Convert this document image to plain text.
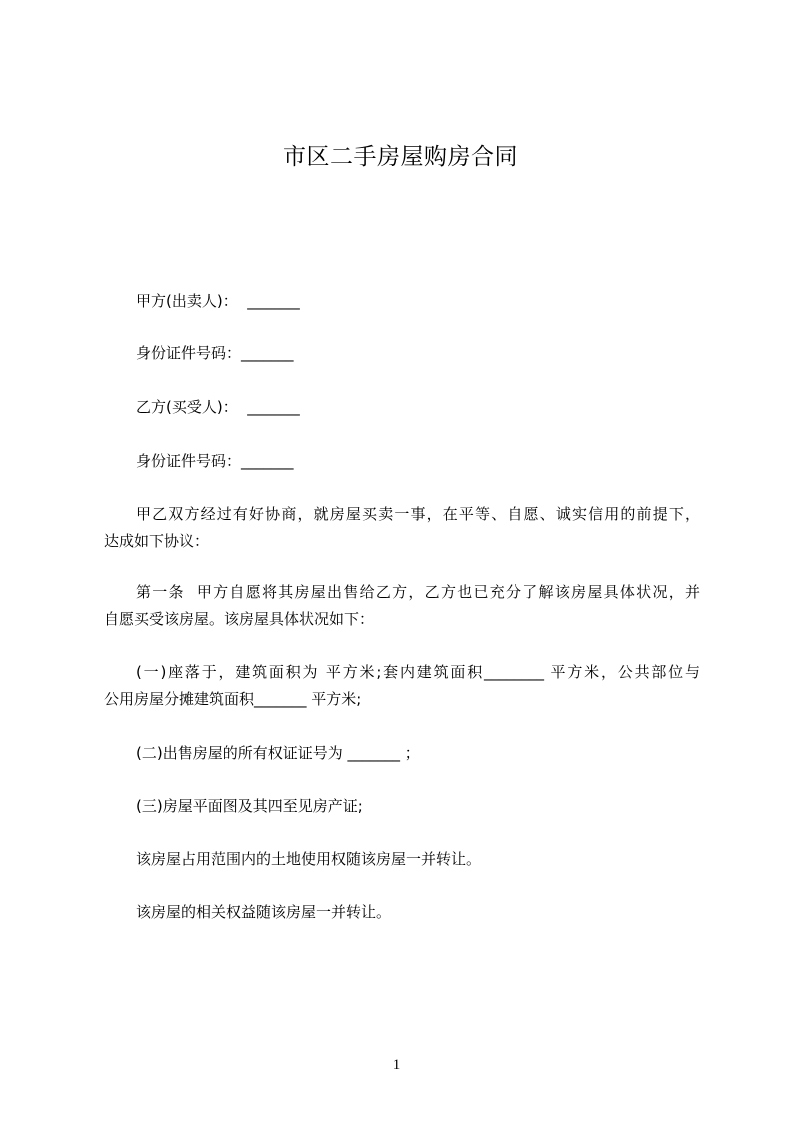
市区二手房屋购房合同
甲方(出卖人)：  _______
身份证件号码：_______
乙方(买受人)：  _______
身份证件号码：_______
甲乙双方经过有好协商，就房屋买卖一事，在平等、自愿、诚实信用的前提下，
达成如下协议：
第一条  甲方自愿将其房屋出售给乙方，乙方也已充分了解该房屋具体状况，并
自愿买受该房屋。该房屋具体状况如下：
(一)座落于，建筑面积为 平方米;套内建筑面积________ 平方米，公共部位与
公用房屋分摊建筑面积_______ 平方米;
(二)出售房屋的所有权证证号为 _______ ；
(三)房屋平面图及其四至见房产证;
该房屋占用范围内的土地使用权随该房屋一并转让。
该房屋的相关权益随该房屋一并转让。
1
